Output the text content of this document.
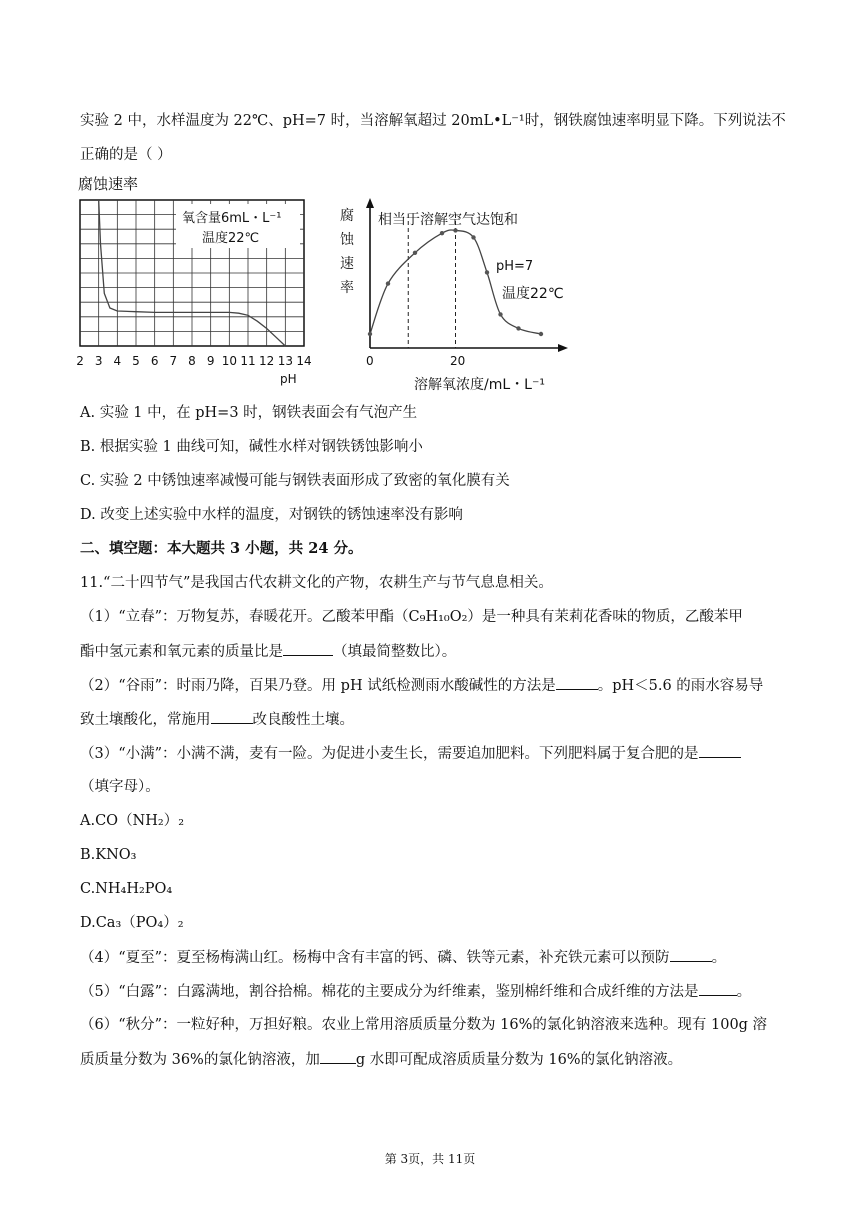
实验 2 中，水样温度为 22℃、pH=7 时，当溶解氧超过 20mL•L⁻¹时，钢铁腐蚀速率明显下降。下列说法不
正确的是（ ）
腐蚀速率
氧含量6mL・L⁻¹
温度22℃
2 3 4 5 6 7 8 9 10 11 12 13 14
pH
腐
蚀
速
率
相当于溶解空气达饱和
pH=7
温度22℃
0	20
溶解氧浓度/mL・L⁻¹
A. 实验 1 中，在 pH=3 时，钢铁表面会有气泡产生
B. 根据实验 1 曲线可知，碱性水样对钢铁锈蚀影响小
C. 实验 2 中锈蚀速率减慢可能与钢铁表面形成了致密的氧化膜有关
D. 改变上述实验中水样的温度，对钢铁的锈蚀速率没有影响
二、填空题：本大题共 3 小题，共 24 分。
11.“二十四节气”是我国古代农耕文化的产物，农耕生产与节气息息相关。
（1）“立春”：万物复苏，春暖花开。乙酸苯甲酯（C₉H₁₀O₂）是一种具有茉莉花香味的物质，乙酸苯甲
酯中氢元素和氧元素的质量比是	（填最简整数比）。
（2）“谷雨”：时雨乃降，百果乃登。用 pH 试纸检测雨水酸碱性的方法是	。pH＜5.6 的雨水容易导
致土壤酸化，常施用	改良酸性土壤。
（3）“小满”：小满不满，麦有一险。为促进小麦生长，需要追加肥料。下列肥料属于复合肥的是
（填字母）。
A.CO（NH₂）₂
B.KNO₃
C.NH₄H₂PO₄
D.Ca₃（PO₄）₂
（4）“夏至”：夏至杨梅满山红。杨梅中含有丰富的钙、磷、铁等元素，补充铁元素可以预防	。
（5）“白露”：白露满地，割谷拾棉。棉花的主要成分为纤维素，鉴别棉纤维和合成纤维的方法是	。
（6）“秋分”：一粒好种，万担好粮。农业上常用溶质质量分数为 16%的氯化钠溶液来选种。现有 100g 溶
质质量分数为 36%的氯化钠溶液，加 g 水即可配成溶质质量分数为 16%的氯化钠溶液。
第 3页，共 11页
